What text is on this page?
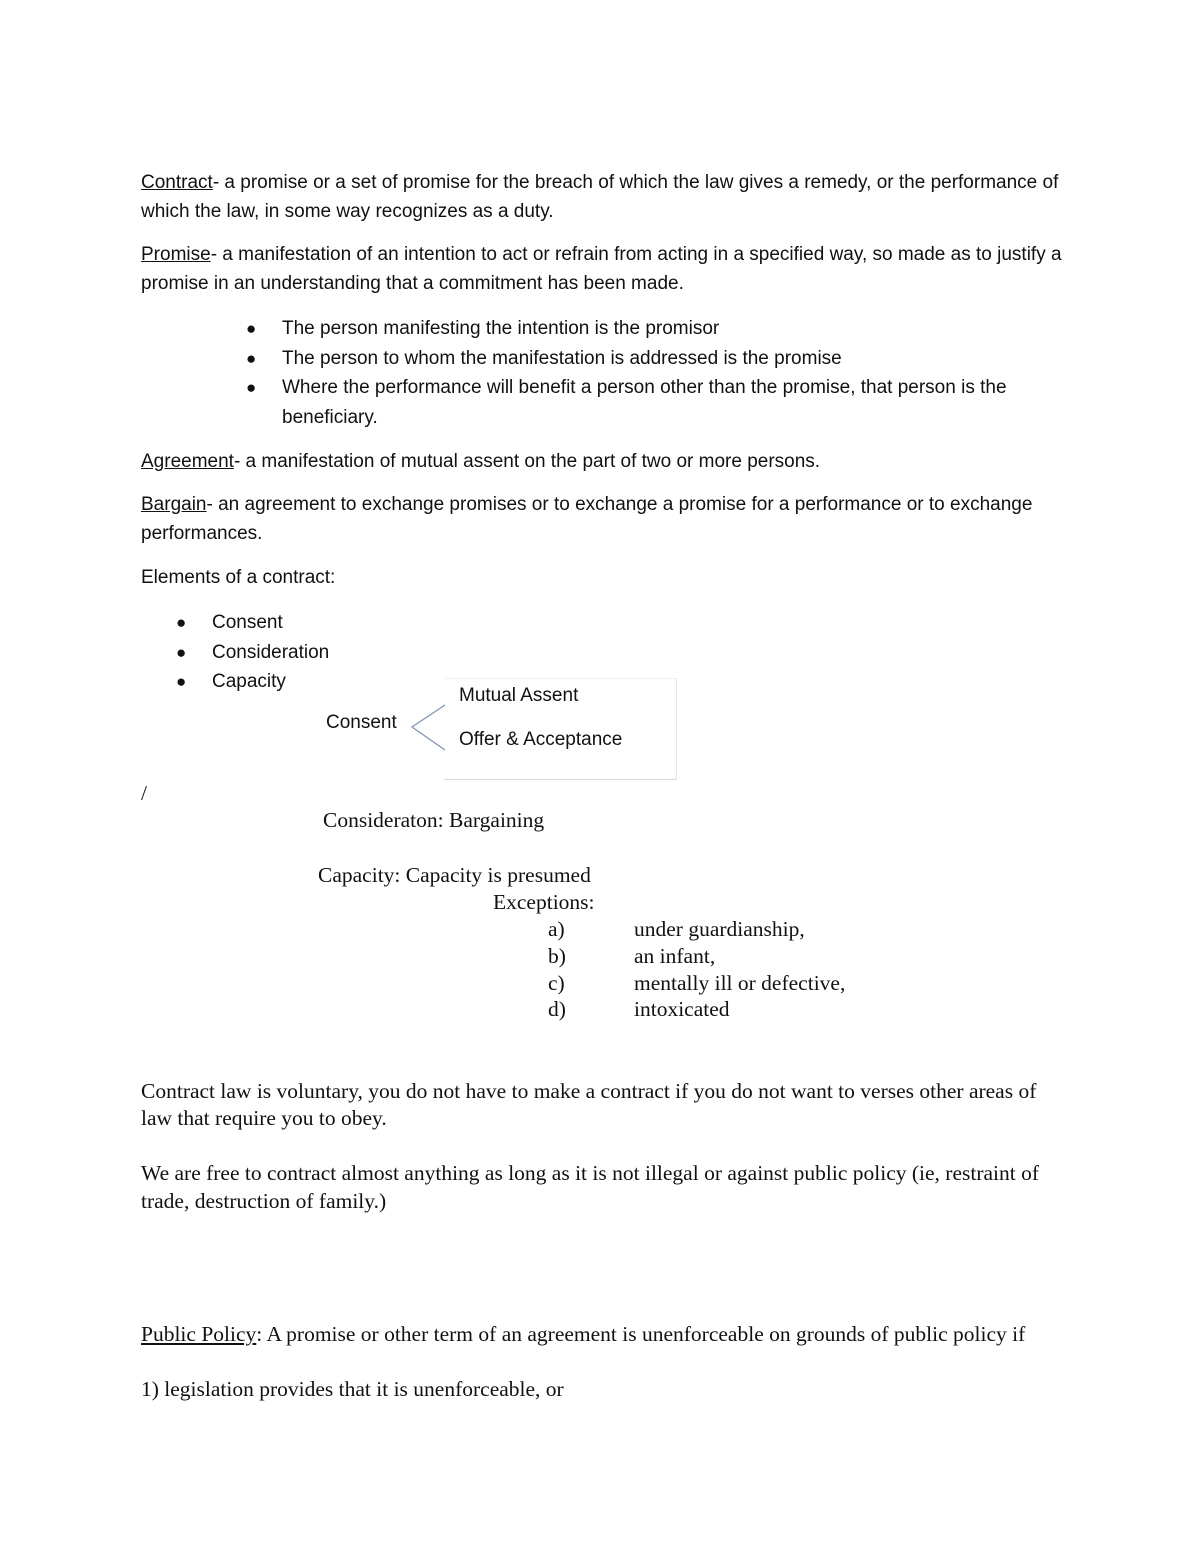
Contract- a promise or a set of promise for the breach of which the law gives a remedy, or the performance of which the law, in some way recognizes as a duty.
Promise- a manifestation of an intention to act or refrain from acting in a specified way, so made as to justify a promise in an understanding that a commitment has been made.
● The person manifesting the intention is the promisor
● The person to whom the manifestation is addressed is the promise
● Where the performance will benefit a person other than the promise, that person is the beneficiary.
Agreement- a manifestation of mutual assent on the part of two or more persons.
Bargain- an agreement to exchange promises or to exchange a promise for a performance or to exchange performances.
Elements of a contract:
● Consent
● Consideration
● Capacity
Consent
Mutual Assent
Offer & Acceptance
/
Consideraton: Bargaining
Capacity: Capacity is presumed
Exceptions:
a)	under guardianship,
b)	an infant,
c)	mentally ill or defective,
d)	intoxicated
Contract law is voluntary, you do not have to make a contract if you do not want to verses other areas of law that require you to obey.
We are free to contract almost anything as long as it is not illegal or against public policy (ie, restraint of trade, destruction of family.)
Public Policy: A promise or other term of an agreement is unenforceable on grounds of public policy if
1) legislation provides that it is unenforceable, or
